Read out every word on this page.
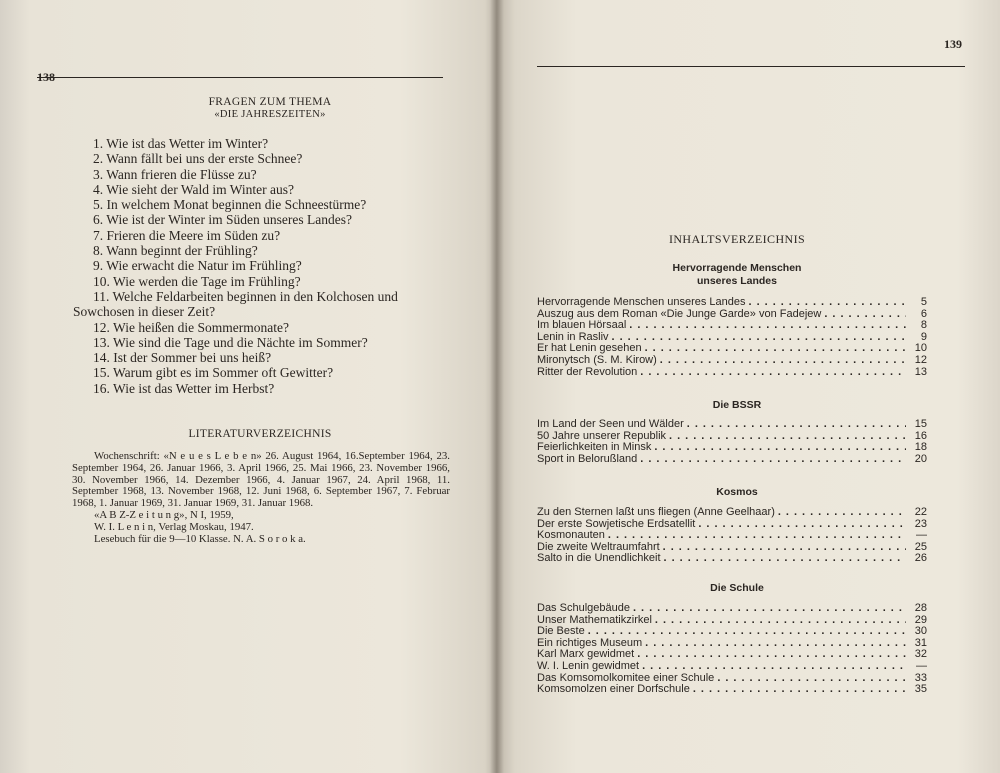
138
FRAGEN ZUM THEMA
«DIE JAHRESZEITEN»
1. Wie ist das Wetter im Winter?
2. Wann fällt bei uns der erste Schnee?
3. Wann frieren die Flüsse zu?
4. Wie sieht der Wald im Winter aus?
5. In welchem Monat beginnen die Schneestürme?
6. Wie ist der Winter im Süden unseres Landes?
7. Frieren die Meere im Süden zu?
8. Wann beginnt der Frühling?
9. Wie erwacht die Natur im Frühling?
10. Wie werden die Tage im Frühling?
11. Welche Feldarbeiten beginnen in den Kolchosen und
Sowchosen in dieser Zeit?
12. Wie heißen die Sommermonate?
13. Wie sind die Tage und die Nächte im Sommer?
14. Ist der Sommer bei uns heiß?
15. Warum gibt es im Sommer oft Gewitter?
16. Wie ist das Wetter im Herbst?
LITERATURVERZEICHNIS

Wochenschrift: «N e u e s L e b e n» 26. August 1964, 16.September 1964, 23. September 1964, 26. Januar 1966, 3. April 1966, 25. Mai 1966, 23. November 1966, 30. November 1966, 14. Dezember 1966, 4. Januar 1967, 24. April 1968, 11. September 1968, 13. November 1968, 12. Juni 1968, 6. September 1967, 7. Februar 1968, 1. Januar 1969, 31. Januar 1969, 31. Januar 1968.

«A B Z-Z e i t u n g», N I, 1959,

W. I. L e n i n, Verlag Moskau, 1947.

Lesebuch für die 9—10 Klasse. N. A. S o r o k a.

139
INHALTSVERZEICHNIS
Hervorragende Menschen
unseres Landes
Hervorragende Menschen unseres Landes .....	5
Auszug aus dem Roman «Die Junge Garde» von Fadejew .....	6
Im blauen Hörsaal .....	8
Lenin in Rasliv .....	9
Er hat Lenin gesehen .....	10
Mironytsch (S. M. Kirow) .....	12
Ritter der Revolution .....	13
Die BSSR
Im Land der Seen und Wälder .....	15
50 Jahre unserer Republik .....	16
Feierlichkeiten in Minsk .....	18
Sport in Belorußland .....	20
Kosmos
Zu den Sternen laßt uns fliegen (Anne Geelhaar) .....	22
Der erste Sowjetische Erdsatellit .....	23
Kosmonauten .....	—
Die zweite Weltraumfahrt .....	25
Salto in die Unendlichkeit .....	26
Die Schule
Das Schulgebäude .....	28
Unser Mathematikzirkel .....	29
Die Beste .....	30
Ein richtiges Museum .....	31
Karl Marx gewidmet .....	32
W. I. Lenin gewidmet .....	—
Das Komsomolkomitee einer Schule .....	33
Komsomolzen einer Dorfschule .....	35
